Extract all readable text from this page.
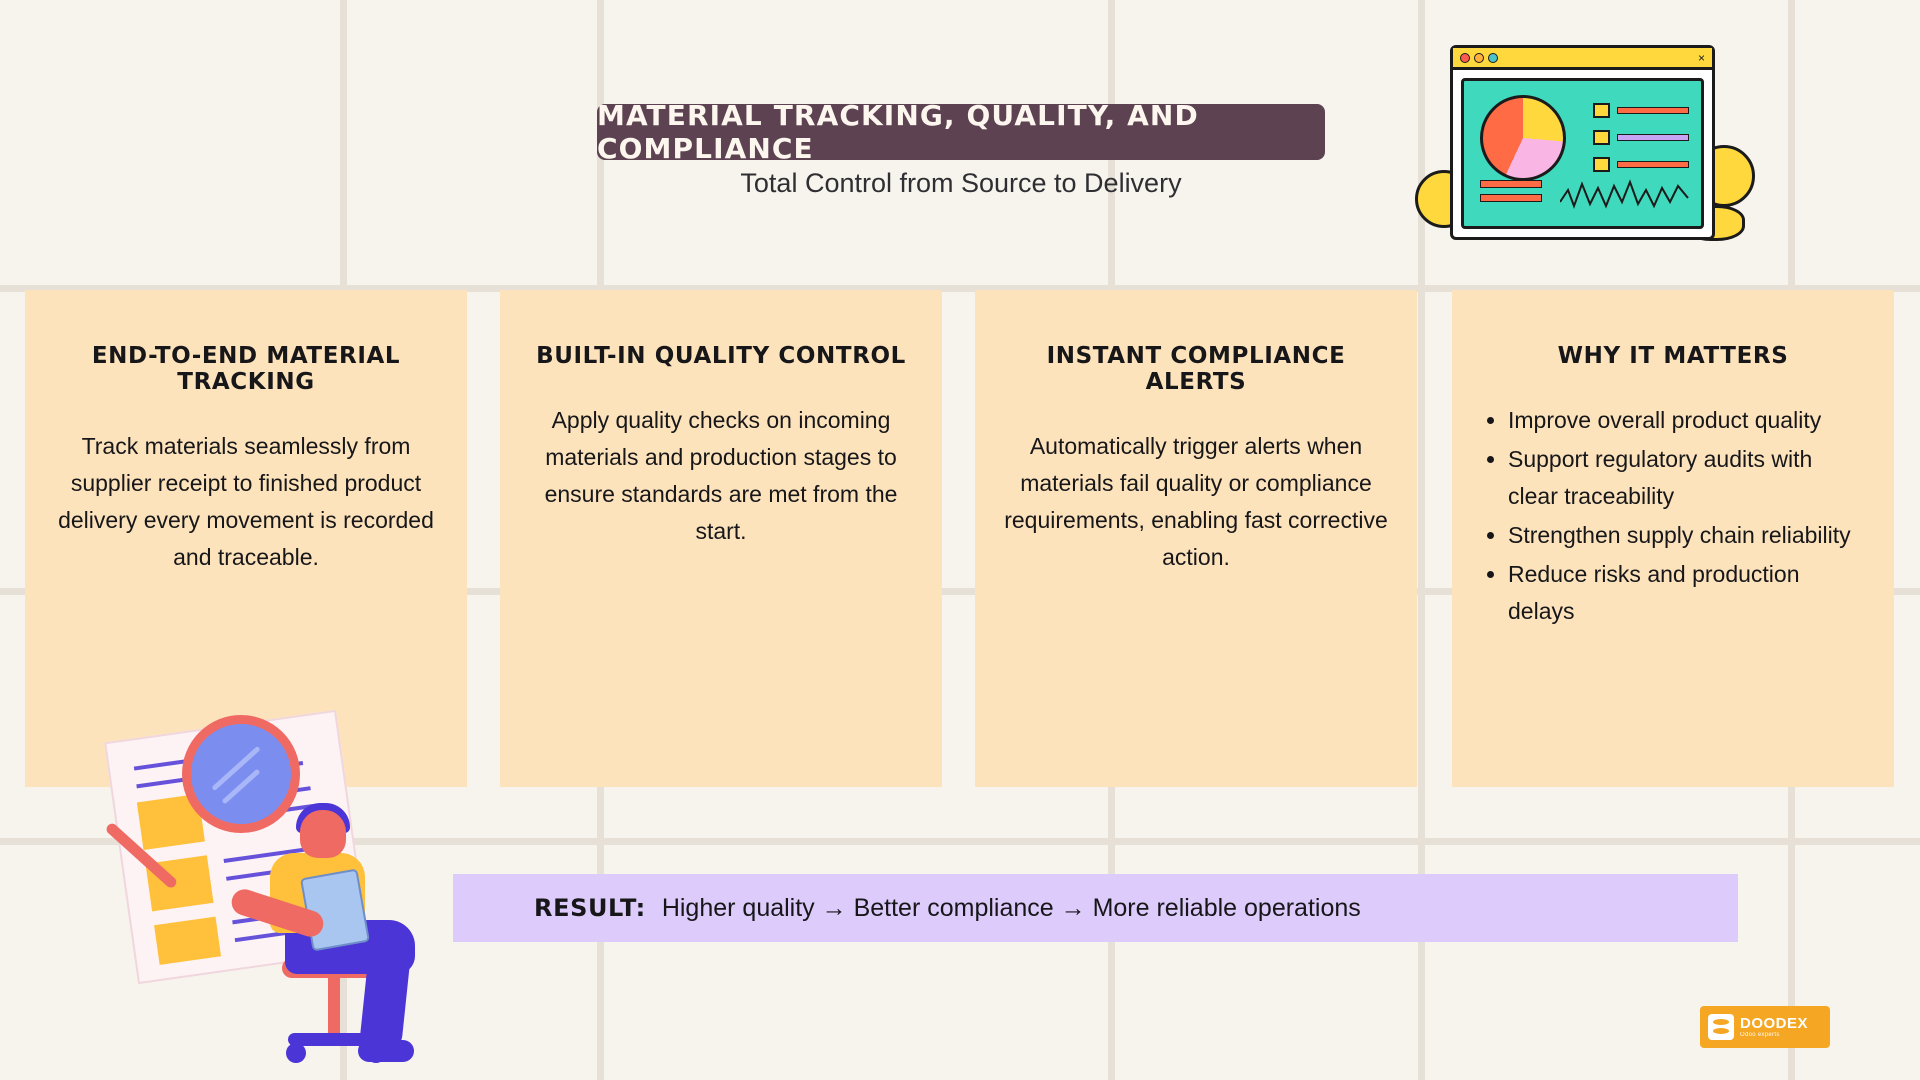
MATERIAL TRACKING, QUALITY, AND COMPLIANCE
Total Control from Source to Delivery
×
END-TO-END MATERIAL TRACKING
Track materials seamlessly from supplier receipt to finished product delivery every movement is recorded and traceable.
BUILT-IN QUALITY CONTROL
Apply quality checks on incoming materials and production stages to ensure standards are met from the start.
INSTANT COMPLIANCE ALERTS
Automatically trigger alerts when materials fail quality or compliance requirements, enabling fast corrective action.
WHY IT MATTERS
• Improve overall product quality
• Support regulatory audits with clear traceability
• Strengthen supply chain reliability
• Reduce risks and production delays
RESULT: Higher quality → Better compliance → More reliable operations
DOODEX
Odoo experts
